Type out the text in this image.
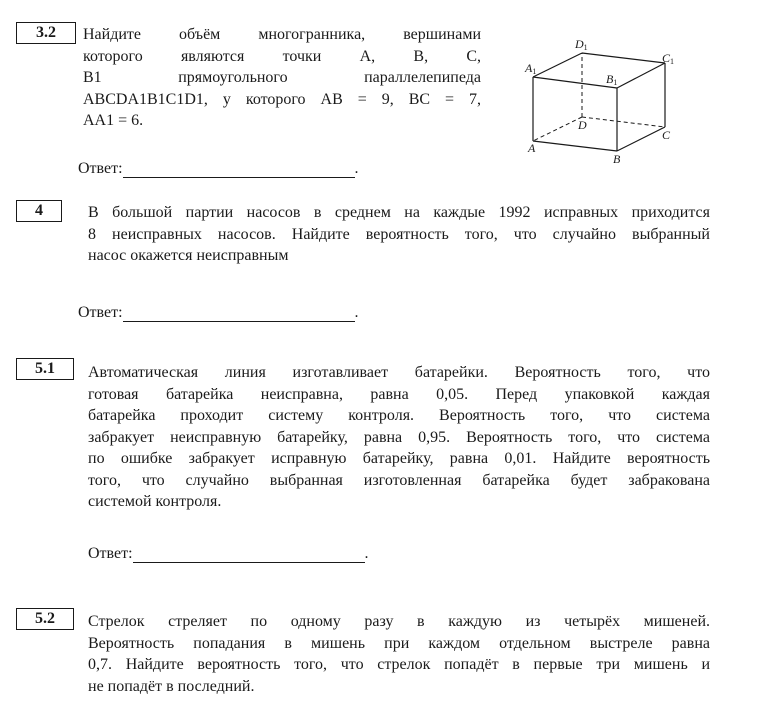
3.2	Найдите объём многогранника, вершинами
которого являются точки A, B, C,
B1 прямоугольного параллелепипеда
ABCDA1B1C1D1, у которого AB = 9, BC = 7,
AA1 = 6.
D1
C1
A1
B1
D
C
A
B
Ответ:	.
4	В большой партии насосов в среднем на каждые 1992 исправных приходится
8 неисправных насосов. Найдите вероятность того, что случайно выбранный
насос окажется неисправным
Ответ:	.
5.1	Автоматическая линия изготавливает батарейки. Вероятность того, что
готовая батарейка неисправна, равна 0,05. Перед упаковкой каждая
батарейка проходит систему контроля. Вероятность того, что система
забракует неисправную батарейку, равна 0,95. Вероятность того, что система
по ошибке забракует исправную батарейку, равна 0,01. Найдите вероятность
того, что случайно выбранная изготовленная батарейка будет забракована
системой контроля.
Ответ:	.
5.2	Стрелок стреляет по одному разу в каждую из четырёх мишеней.
Вероятность попадания в мишень при каждом отдельном выстреле равна
0,7. Найдите вероятность того, что стрелок попадёт в первые три мишень и
не попадёт в последний.
